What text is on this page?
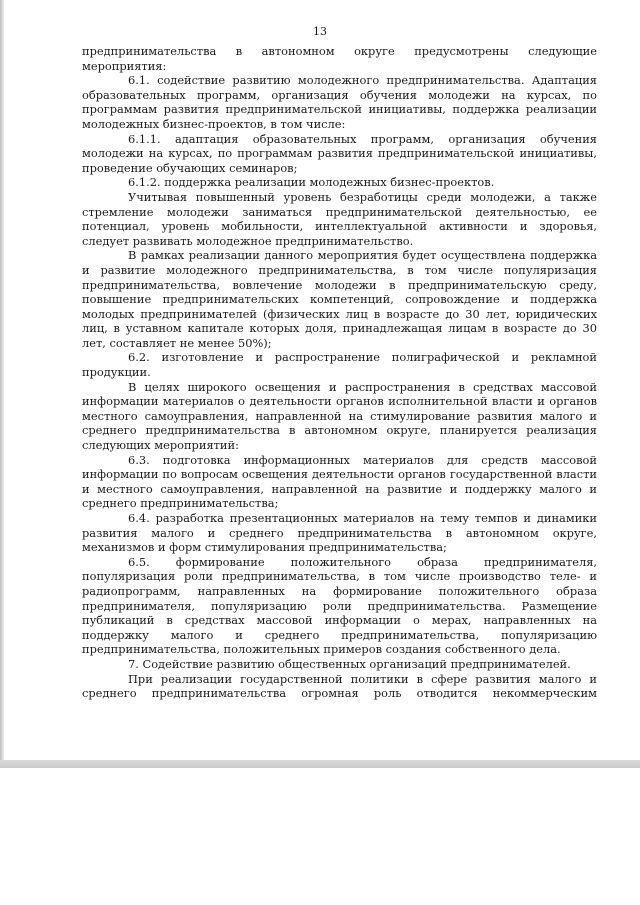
13

предпринимательства в автономном округе предусмотрены следующие мероприятия:

6.1. содействие развитию молодежного предпринимательства. Адаптация образовательных программ, организация обучения молодежи на курсах, по программам развития предпринимательской инициативы, поддержка реализации молодежных бизнес-проектов, в том числе:

6.1.1. адаптация образовательных программ, организация обучения молодежи на курсах, по программам развития предпринимательской инициативы, проведение обучающих семинаров;

6.1.2. поддержка реализации молодежных бизнес-проектов.

Учитывая повышенный уровень безработицы среди молодежи, а также стремление молодежи заниматься предпринимательской деятельностью, ее потенциал, уровень мобильности, интеллектуальной активности и здоровья, следует развивать молодежное предпринимательство.

В рамках реализации данного мероприятия будет осуществлена поддержка и развитие молодежного предпринимательства, в том числе популяризация предпринимательства, вовлечение молодежи в предпринимательскую среду, повышение предпринимательских компетенций, сопровождение и поддержка молодых предпринимателей (физических лиц в возрасте до 30 лет, юридических лиц, в уставном капитале которых доля, принадлежащая лицам в возрасте до 30 лет, составляет не менее 50%);

6.2. изготовление и распространение полиграфической и рекламной продукции.

В целях широкого освещения и распространения в средствах массовой информации материалов о деятельности органов исполнительной власти и органов местного самоуправления, направленной на стимулирование развития малого и среднего предпринимательства в автономном округе, планируется реализация следующих мероприятий:

6.3. подготовка информационных материалов для средств массовой информации по вопросам освещения деятельности органов государственной власти и местного самоуправления, направленной на развитие и поддержку малого и среднего предпринимательства;

6.4. разработка презентационных материалов на тему темпов и динамики развития малого и среднего предпринимательства в автономном округе, механизмов и форм стимулирования предпринимательства;

6.5. формирование положительного образа предпринимателя, популяризация роли предпринимательства, в том числе производство теле- и радиопрограмм, направленных на формирование положительного образа предпринимателя, популяризацию роли предпринимательства. Размещение публикаций в средствах массовой информации о мерах, направленных на поддержку малого и среднего предпринимательства, популяризацию предпринимательства, положительных примеров создания собственного дела.

7. Содействие развитию общественных организаций предпринимателей.

При реализации государственной политики в сфере развития малого и среднего предпринимательства огромная роль отводится некоммерческим
